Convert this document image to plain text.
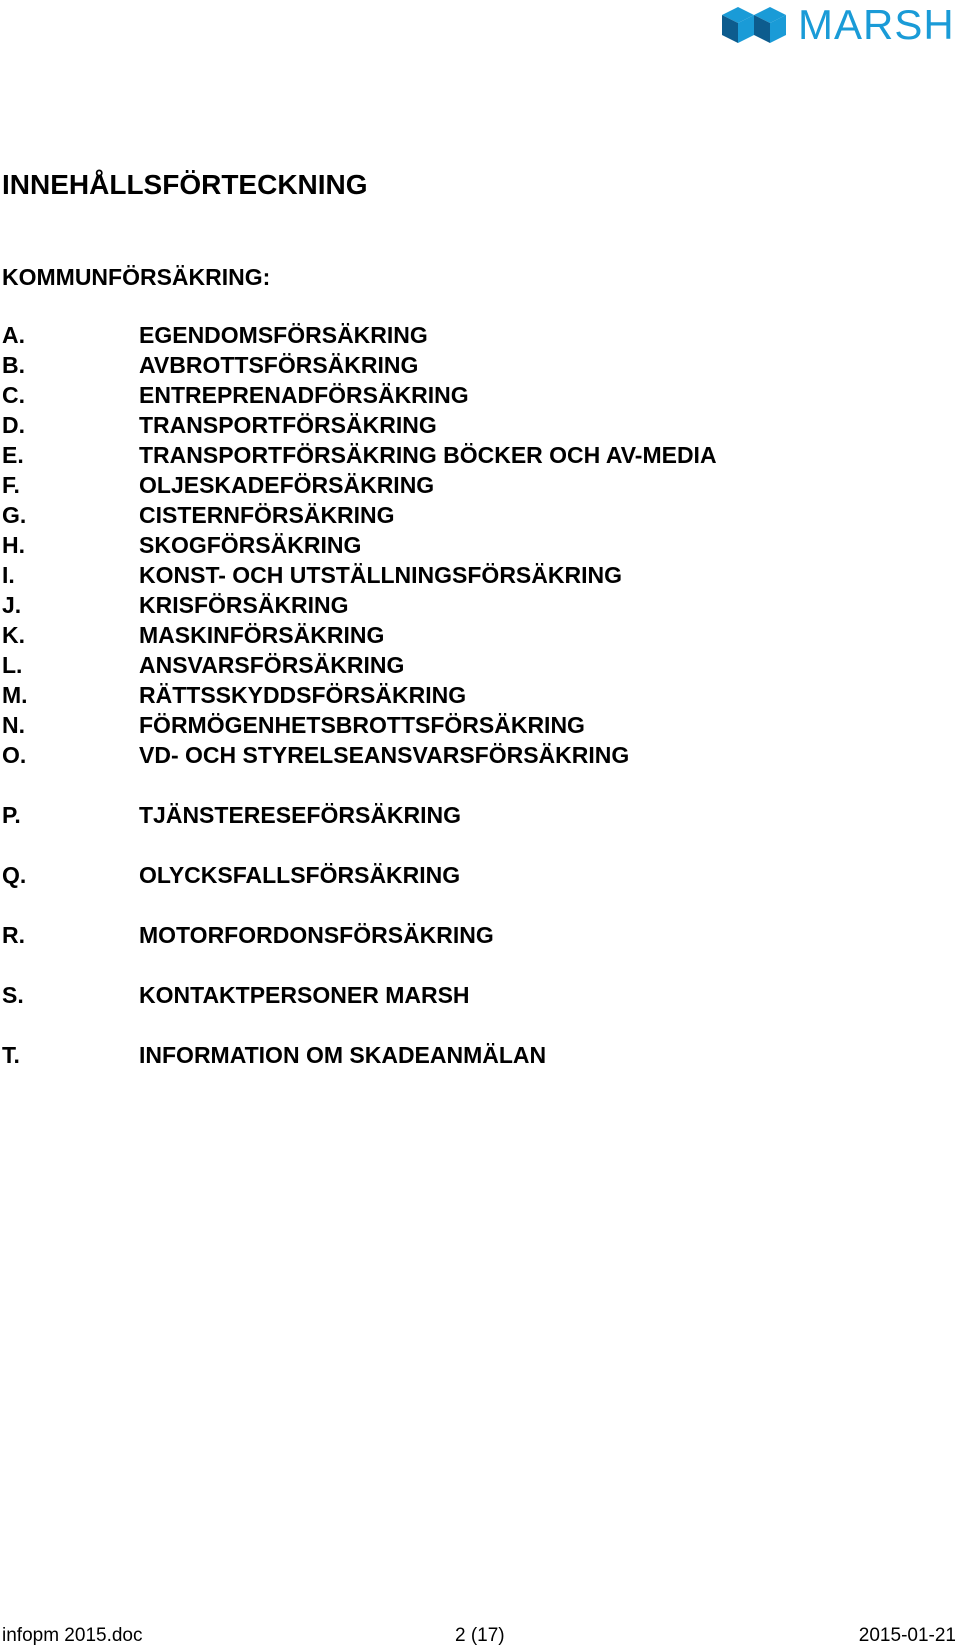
MARSH
INNEHÅLLSFÖRTECKNING
KOMMUNFÖRSÄKRING:
A.	EGENDOMSFÖRSÄKRING
B.	AVBROTTSFÖRSÄKRING
C.	ENTREPRENADFÖRSÄKRING
D.	TRANSPORTFÖRSÄKRING
E.	TRANSPORTFÖRSÄKRING BÖCKER OCH AV-MEDIA
F.	OLJESKADEFÖRSÄKRING
G.	CISTERNFÖRSÄKRING
H.	SKOGFÖRSÄKRING
I.	KONST- OCH UTSTÄLLNINGSFÖRSÄKRING
J.	KRISFÖRSÄKRING
K.	MASKINFÖRSÄKRING
L.	ANSVARSFÖRSÄKRING
M.	RÄTTSSKYDDSFÖRSÄKRING
N.	FÖRMÖGENHETSBROTTSFÖRSÄKRING
O.	VD- OCH STYRELSEANSVARSFÖRSÄKRING
P.	TJÄNSTERESEFÖRSÄKRING
Q.	OLYCKSFALLSFÖRSÄKRING
R.	MOTORFORDONSFÖRSÄKRING
S.	KONTAKTPERSONER MARSH
T.	INFORMATION OM SKADEANMÄLAN
infopm 2015.doc	2 (17)	2015-01-21
